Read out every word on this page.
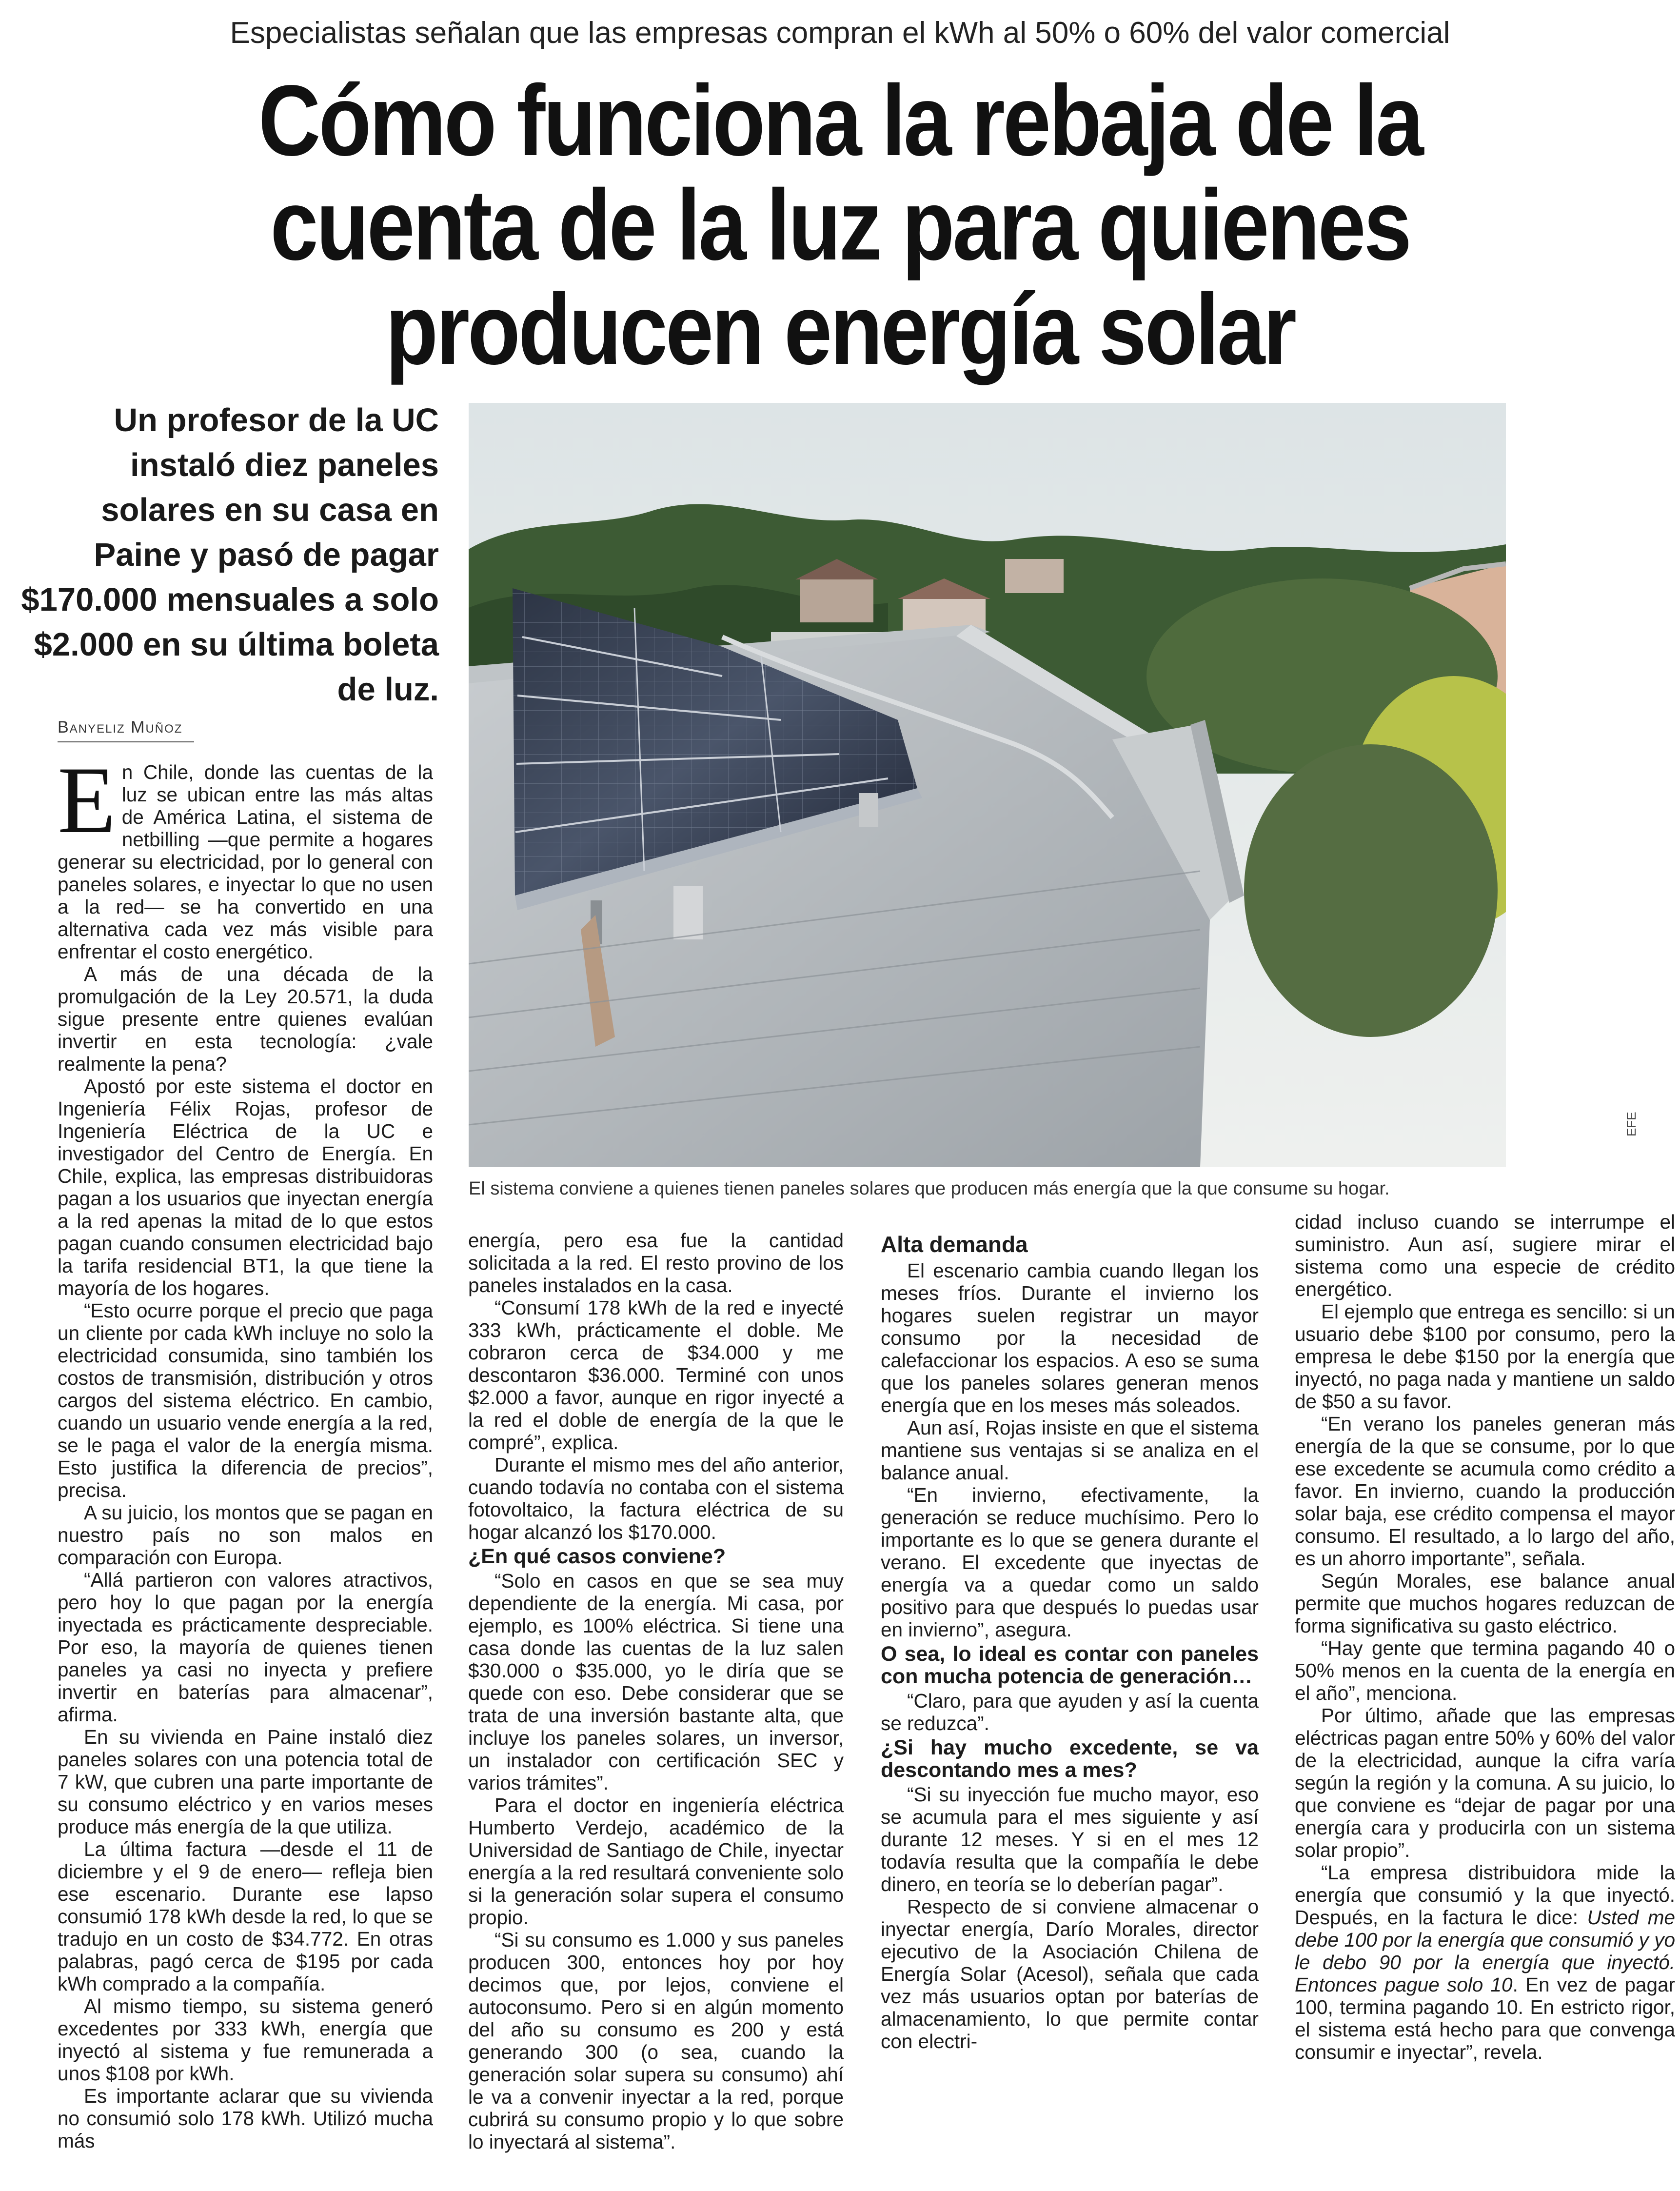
Especialistas señalan que las empresas compran el kWh al 50% o 60% del valor comercial
Cómo funciona la rebaja de la cuenta de la luz para quienes producen energía solar
Un profesor de la UC instaló diez paneles solares en su casa en Paine y pasó de pagar $170.000 mensuales a solo $2.000 en su última boleta de luz.
EFE
El sistema conviene a quienes tienen paneles solares que producen más energía que la que consume su hogar.
Banyeliz Muñoz

En Chile, donde las cuentas de la luz se ubican entre las más altas de América Latina, el sistema de netbilling —que permite a hogares generar su electricidad, por lo general con paneles solares, e inyectar lo que no usen a la red— se ha convertido en una alternativa cada vez más visible para enfrentar el costo energético.

A más de una década de la promulgación de la Ley 20.571, la duda sigue presente entre quienes evalúan invertir en esta tecnología: ¿vale realmente la pena?

Apostó por este sistema el doctor en Ingeniería Félix Rojas, profesor de Ingeniería Eléctrica de la UC e investigador del Centro de Energía. En Chile, explica, las empresas distribuidoras pagan a los usuarios que inyectan energía a la red apenas la mitad de lo que estos pagan cuando consumen electricidad bajo la tarifa residencial BT1, la que tiene la mayoría de los hogares.

“Esto ocurre porque el precio que paga un cliente por cada kWh incluye no solo la electricidad consumida, sino también los costos de transmisión, distribución y otros cargos del sistema eléctrico. En cambio, cuando un usuario vende energía a la red, se le paga el valor de la energía misma. Esto justifica la diferencia de precios”, precisa.

A su juicio, los montos que se pagan en nuestro país no son malos en comparación con Europa.

“Allá partieron con valores atractivos, pero hoy lo que pagan por la energía inyectada es prácticamente despreciable. Por eso, la mayoría de quienes tienen paneles ya casi no inyecta y prefiere invertir en baterías para almacenar”, afirma.

En su vivienda en Paine instaló diez paneles solares con una potencia total de 7 kW, que cubren una parte importante de su consumo eléctrico y en varios meses produce más energía de la que utiliza.

La última factura —desde el 11 de diciembre y el 9 de enero— refleja bien ese escenario. Durante ese lapso consumió 178 kWh desde la red, lo que se tradujo en un costo de $34.772. En otras palabras, pagó cerca de $195 por cada kWh comprado a la compañía.

Al mismo tiempo, su sistema generó excedentes por 333 kWh, energía que inyectó al sistema y fue remunerada a unos $108 por kWh.

Es importante aclarar que su vivienda no consumió solo 178 kWh. Utilizó mucha más

energía, pero esa fue la cantidad solicitada a la red. El resto provino de los paneles instalados en la casa.

“Consumí 178 kWh de la red e inyecté 333 kWh, prácticamente el doble. Me cobraron cerca de $34.000 y me descontaron $36.000. Terminé con unos $2.000 a favor, aunque en rigor inyecté a la red el doble de energía de la que le compré”, explica.

Durante el mismo mes del año anterior, cuando todavía no contaba con el sistema fotovoltaico, la factura eléctrica de su hogar alcanzó los $170.000.

¿En qué casos conviene?

“Solo en casos en que se sea muy dependiente de la energía. Mi casa, por ejemplo, es 100% eléctrica. Si tiene una casa donde las cuentas de la luz salen $30.000 o $35.000, yo le diría que se quede con eso. Debe considerar que se trata de una inversión bastante alta, que incluye los paneles solares, un inversor, un instalador con certificación SEC y varios trámites”.

Para el doctor en ingeniería eléctrica Humberto Verdejo, académico de la Universidad de Santiago de Chile, inyectar energía a la red resultará conveniente solo si la generación solar supera el consumo propio.

“Si su consumo es 1.000 y sus paneles producen 300, entonces hoy por hoy decimos que, por lejos, conviene el autoconsumo. Pero si en algún momento del año su consumo es 200 y está generando 300 (o sea, cuando la generación solar supera su consumo) ahí le va a convenir inyectar a la red, porque cubrirá su consumo propio y lo que sobre lo inyectará al sistema”.

Alta demanda

El escenario cambia cuando llegan los meses fríos. Durante el invierno los hogares suelen registrar un mayor consumo por la necesidad de calefaccionar los espacios. A eso se suma que los paneles solares generan menos energía que en los meses más soleados.

Aun así, Rojas insiste en que el sistema mantiene sus ventajas si se analiza en el balance anual.

“En invierno, efectivamente, la generación se reduce muchísimo. Pero lo importante es lo que se genera durante el verano. El excedente que inyectas de energía va a quedar como un saldo positivo para que después lo puedas usar en invierno”, asegura.

O sea, lo ideal es contar con paneles con mucha potencia de generación…

“Claro, para que ayuden y así la cuenta se reduzca”.

¿Si hay mucho excedente, se va descontando mes a mes?

“Si su inyección fue mucho mayor, eso se acumula para el mes siguiente y así durante 12 meses. Y si en el mes 12 todavía resulta que la compañía le debe dinero, en teoría se lo deberían pagar”.

Respecto de si conviene almacenar o inyectar energía, Darío Morales, director ejecutivo de la Asociación Chilena de Energía Solar (Acesol), señala que cada vez más usuarios optan por baterías de almacenamiento, lo que permite contar con electri-

cidad incluso cuando se interrumpe el suministro. Aun así, sugiere mirar el sistema como una especie de crédito energético.

El ejemplo que entrega es sencillo: si un usuario debe $100 por consumo, pero la empresa le debe $150 por la energía que inyectó, no paga nada y mantiene un saldo de $50 a su favor.

“En verano los paneles generan más energía de la que se consume, por lo que ese excedente se acumula como crédito a favor. En invierno, cuando la producción solar baja, ese crédito compensa el mayor consumo. El resultado, a lo largo del año, es un ahorro importante”, señala.

Según Morales, ese balance anual permite que muchos hogares reduzcan de forma significativa su gasto eléctrico.

“Hay gente que termina pagando 40 o 50% menos en la cuenta de la energía en el año”, menciona.

Por último, añade que las empresas eléctricas pagan entre 50% y 60% del valor de la electricidad, aunque la cifra varía según la región y la comuna. A su juicio, lo que conviene es “dejar de pagar por una energía cara y producirla con un sistema solar propio”.

“La empresa distribuidora mide la energía que consumió y la que inyectó. Después, en la factura le dice: Usted me debe 100 por la energía que consumió y yo le debo 90 por la energía que inyectó. Entonces pague solo 10. En vez de pagar 100, termina pagando 10. En estricto rigor, el sistema está hecho para que convenga consumir e inyectar”, revela.
